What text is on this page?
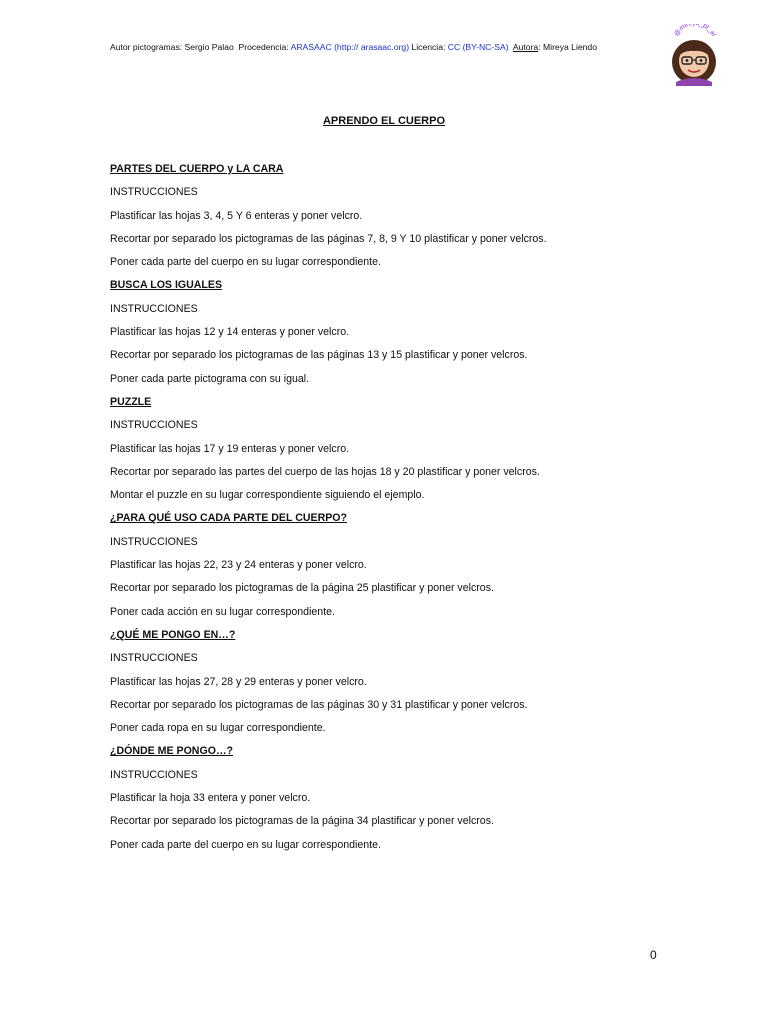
Autor pictogramas: Sergio Palao Procedencia: ARASAAC (http:// arasaac.org) Licencia: CC (BY-NC-SA) Autora: Mireya Liendo
@mire _pt_al
APRENDO EL CUERPO
PARTES DEL CUERPO y LA CARA
INSTRUCCIONES
Plastificar las hojas 3, 4, 5 Y 6 enteras y poner velcro.
Recortar por separado los pictogramas de las páginas 7, 8, 9 Y 10 plastificar y poner velcros.
Poner cada parte del cuerpo en su lugar correspondiente.
BUSCA LOS IGUALES
INSTRUCCIONES
Plastificar las hojas 12 y 14 enteras y poner velcro.
Recortar por separado los pictogramas de las páginas 13 y 15 plastificar y poner velcros.
Poner cada parte pictograma con su igual.
PUZZLE
INSTRUCCIONES
Plastificar las hojas 17 y 19 enteras y poner velcro.
Recortar por separado las partes del cuerpo de las hojas 18 y 20 plastificar y poner velcros.
Montar el puzzle en su lugar correspondiente siguiendo el ejemplo.
¿PARA QUÉ USO CADA PARTE DEL CUERPO?
INSTRUCCIONES
Plastificar las hojas 22, 23 y 24 enteras y poner velcro.
Recortar por separado los pictogramas de la página 25 plastificar y poner velcros.
Poner cada acción en su lugar correspondiente.
¿QUÉ ME PONGO EN…?
INSTRUCCIONES
Plastificar las hojas 27, 28 y 29 enteras y poner velcro.
Recortar por separado los pictogramas de las páginas 30 y 31 plastificar y poner velcros.
Poner cada ropa en su lugar correspondiente.
¿DÓNDE ME PONGO…?
INSTRUCCIONES
Plastificar la hoja 33 entera y poner velcro.
Recortar por separado los pictogramas de la página 34 plastificar y poner velcros.
Poner cada parte del cuerpo en su lugar correspondiente.
0
